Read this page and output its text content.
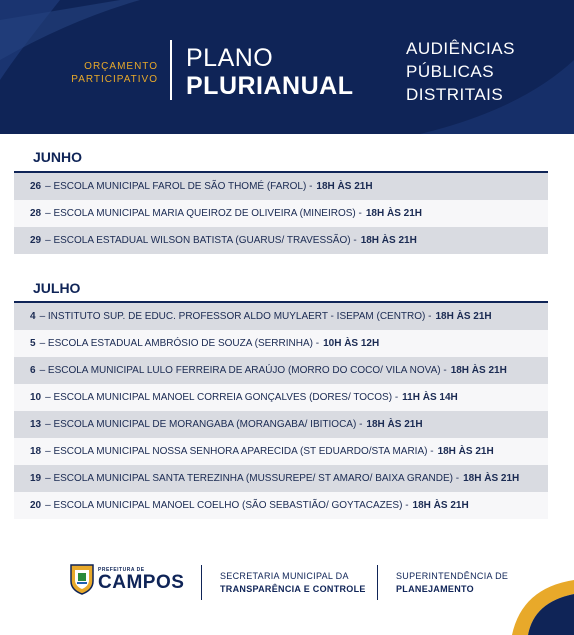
ORÇAMENTO
PARTICIPATIVO
PLANO
PLURIANUAL
AUDIÊNCIAS
PÚBLICAS
DISTRITAIS
JUNHO
26 – ESCOLA MUNICIPAL FAROL DE SÃO THOMÉ (FAROL) - 18H ÀS 21H
28 – ESCOLA MUNICIPAL MARIA QUEIROZ DE OLIVEIRA (MINEIROS) - 18H ÀS 21H
29 – ESCOLA ESTADUAL WILSON BATISTA (GUARUS/ TRAVESSÃO) - 18H ÀS 21H
JULHO
4 – INSTITUTO SUP. DE EDUC. PROFESSOR ALDO MUYLAERT - ISEPAM (CENTRO) - 18H ÀS 21H
5 – ESCOLA ESTADUAL AMBRÓSIO DE SOUZA (SERRINHA) - 10H ÀS 12H
6 – ESCOLA MUNICIPAL LULO FERREIRA DE ARAÚJO (MORRO DO COCO/ VILA NOVA) - 18H ÀS 21H
10 – ESCOLA MUNICIPAL MANOEL CORREIA GONÇALVES (DORES/ TOCOS) - 11H ÀS 14H
13 – ESCOLA MUNICIPAL DE MORANGABA (MORANGABA/ IBITIOCA) - 18H ÀS 21H
18 – ESCOLA MUNICIPAL NOSSA SENHORA APARECIDA (ST EDUARDO/STA MARIA) - 18H ÀS 21H
19 – ESCOLA MUNICIPAL SANTA TEREZINHA (MUSSUREPE/ ST AMARO/ BAIXA GRANDE) - 18H ÀS 21H
20 – ESCOLA MUNICIPAL MANOEL COELHO (SÃO SEBASTIÃO/ GOYTACAZES) - 18H ÀS 21H
PREFEITURA DE
CAMPOS	SECRETARIA MUNICIPAL DA
TRANSPARÊNCIA E CONTROLE
SUPERINTENDÊNCIA DE
PLANEJAMENTO
